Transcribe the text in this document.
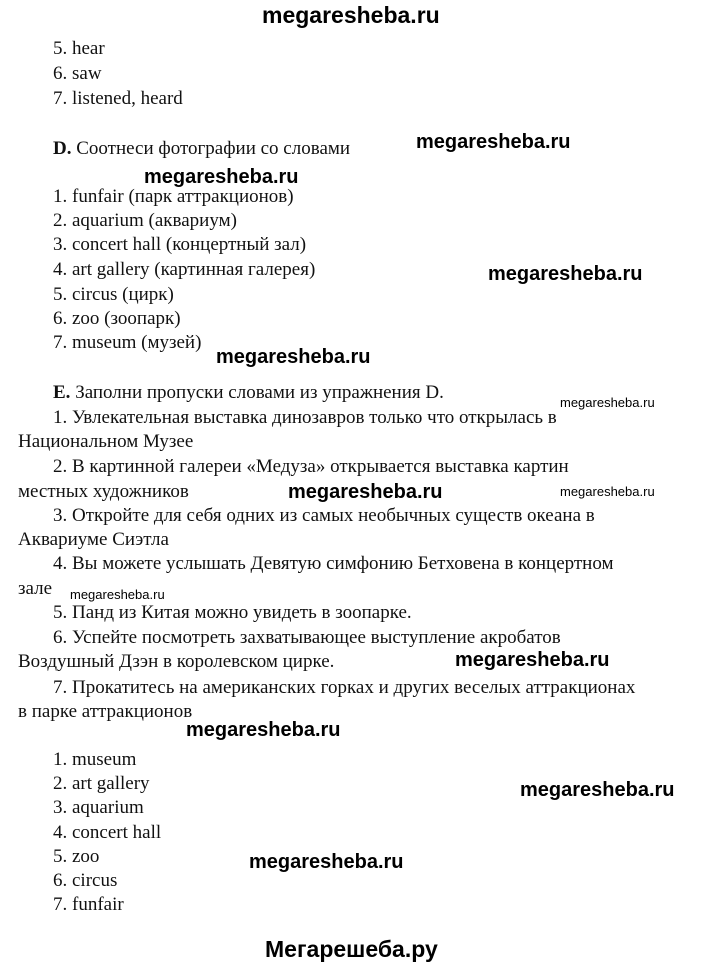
megaresheba.ru
5. hear
6. saw
7. listened, heard
D. Соотнеси фотографии со словами	megaresheba.ru
megaresheba.ru
1. funfair (парк аттракционов)
2. aquarium (аквариум)
3. concert hall (концертный зал)
4. art gallery (картинная галерея)	megaresheba.ru
5. circus (цирк)
6. zoo (зоопарк)
7. museum (музей)
megaresheba.ru
E. Заполни пропуски словами из упражнения D.	megaresheba.ru
1. Увлекательная выставка динозавров только что открылась в
Национальном Музее
2. В картинной галереи «Медуза» открывается выставка картин
местных художников	megaresheba.ru	megaresheba.ru
3. Откройте для себя одних из самых необычных существ океана в
Аквариуме Сиэтла
4. Вы можете услышать Девятую симфонию Бетховена в концертном
зале megaresheba.ru
5. Панд из Китая можно увидеть в зоопарке.
6. Успейте посмотреть захватывающее выступление акробатов
Воздушный Дзэн в королевском цирке.	megaresheba.ru
7. Прокатитесь на американских горках и других веселых аттракционах
в парке аттракционов
megaresheba.ru
1. museum
2. art gallery	megaresheba.ru
3. aquarium
4. concert hall
5. zoo	megaresheba.ru
6. circus
7. funfair
Мегарешеба.ру
